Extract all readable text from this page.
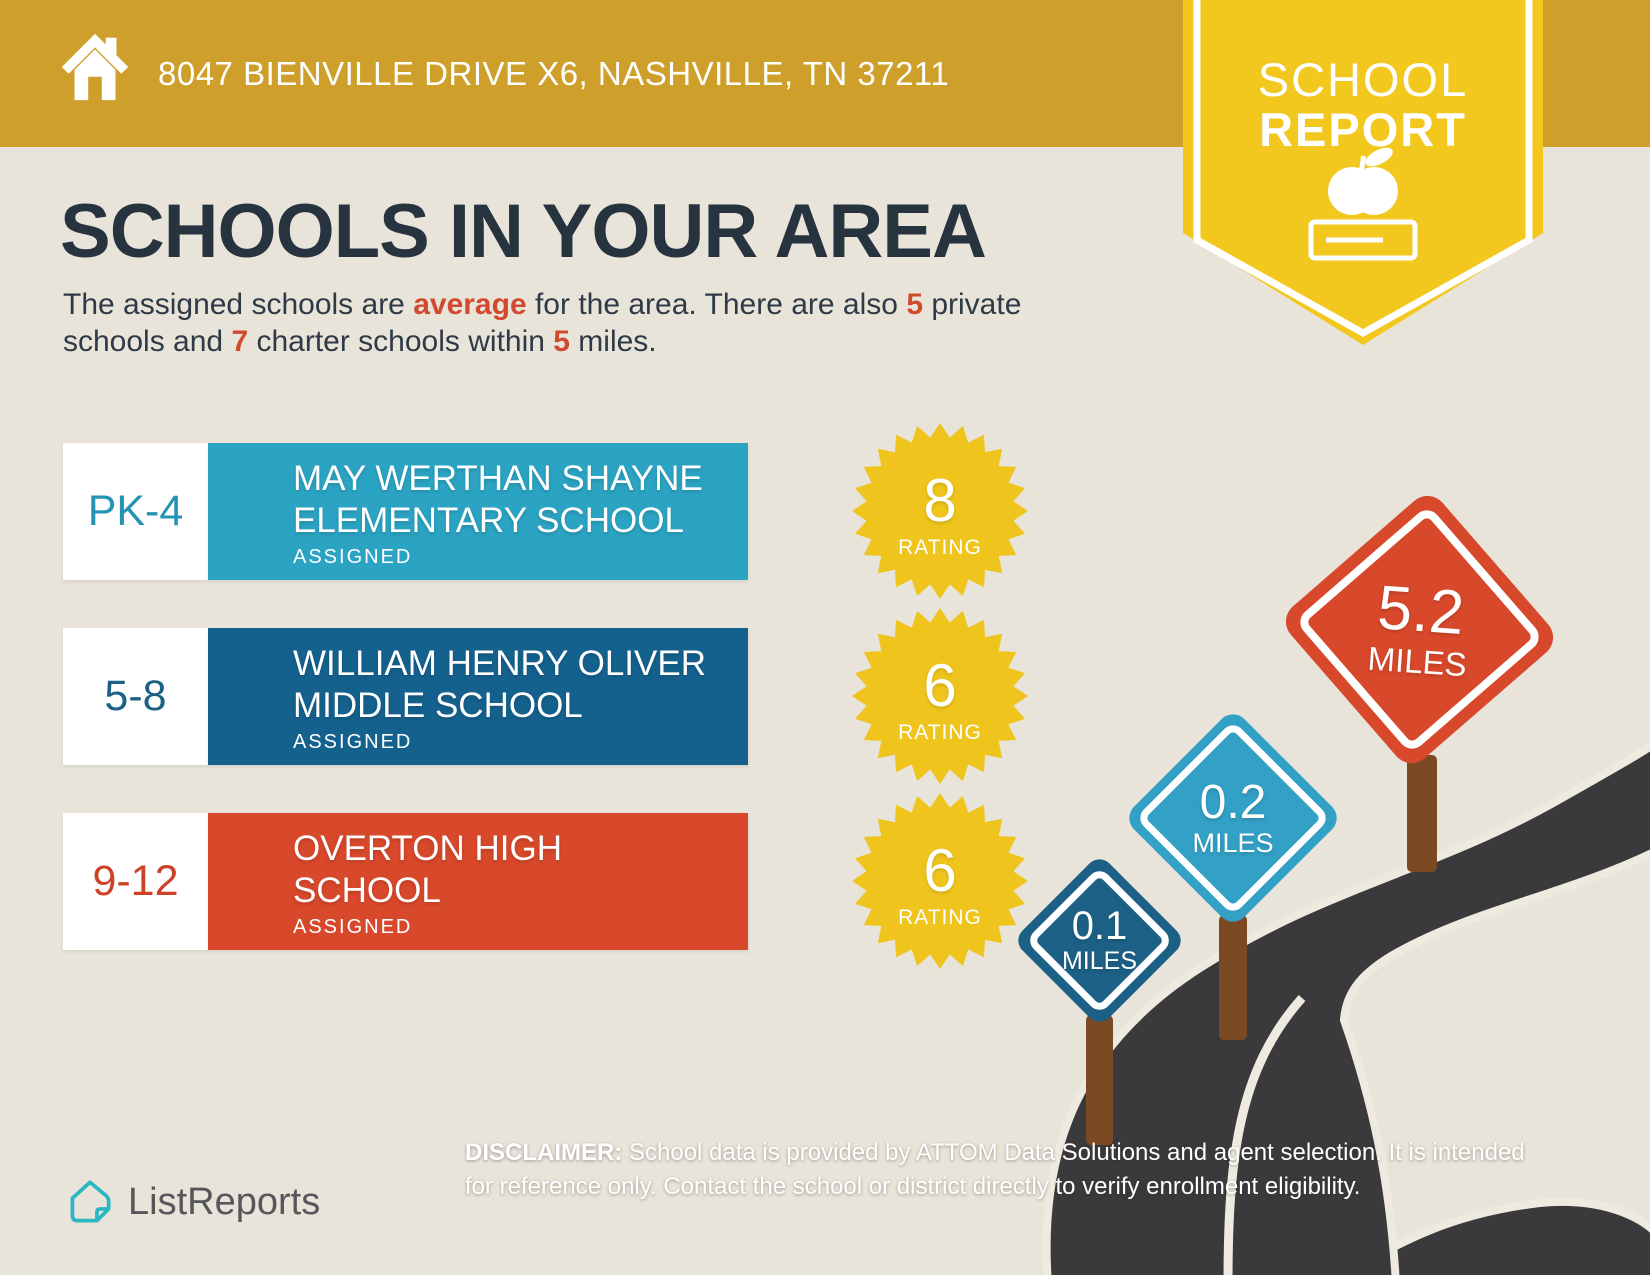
8047 BIENVILLE DRIVE X6, NASHVILLE, TN 37211	SCHOOL
REPORT
SCHOOLS IN YOUR AREA

The assigned schools are average for the area. There are also 5 private schools and 7 charter schools within 5 miles.

PK-4
MAY WERTHAN SHAYNE
ELEMENTARY SCHOOL
ASSIGNED
8
RATING
5-8
WILLIAM HENRY OLIVER
MIDDLE SCHOOL
ASSIGNED
6
RATING
9-12
OVERTON HIGH
SCHOOL
ASSIGNED
6
RATING 0.1
MILES
0.2
MILES
5.2
MILES
ListReports
DISCLAIMER: School data is provided by ATTOM Data Solutions and agent selection. It is intended
for reference only. Contact the school or district directly to verify enrollment eligibility.
